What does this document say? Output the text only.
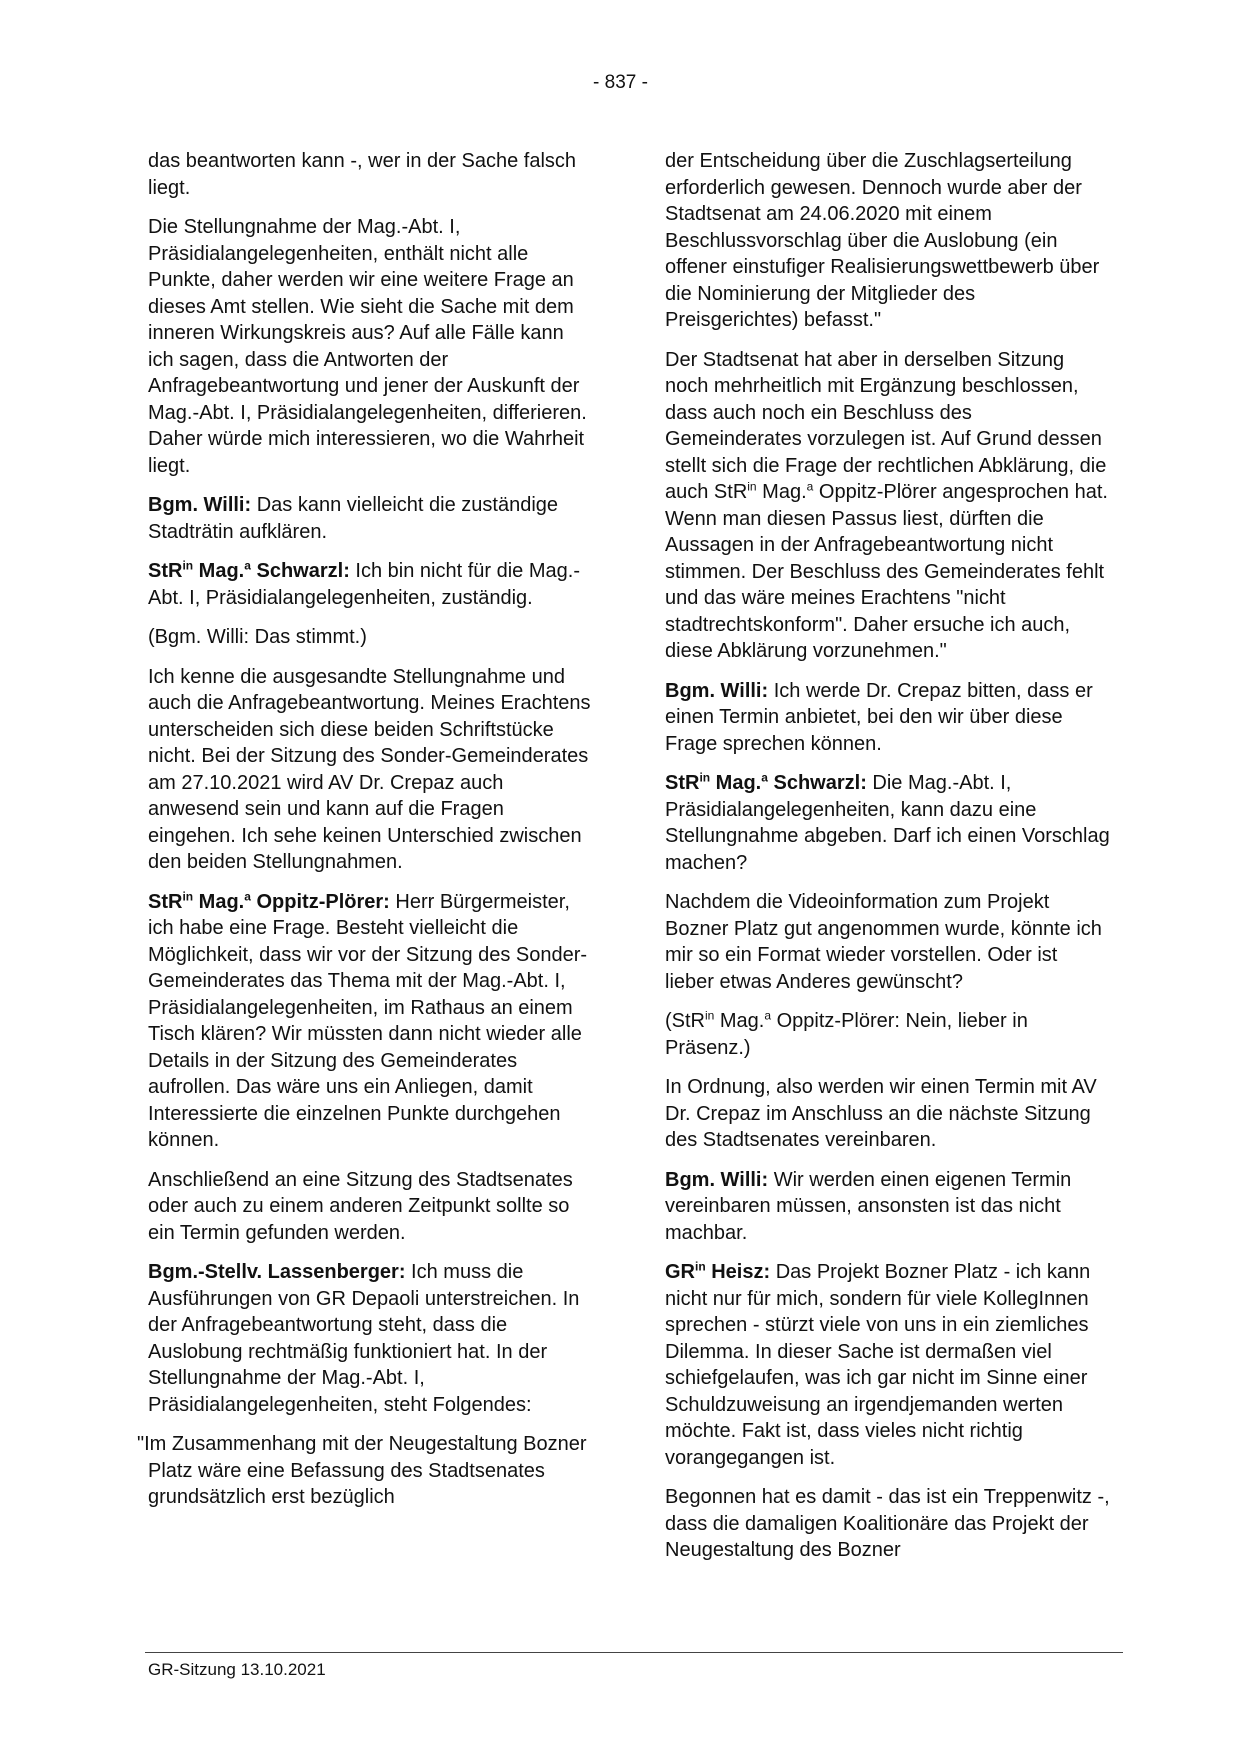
- 837 -

das beantworten kann -, wer in der Sache falsch liegt.

Die Stellungnahme der Mag.-Abt. I, Präsidialangelegenheiten, enthält nicht alle Punkte, daher werden wir eine weitere Frage an dieses Amt stellen. Wie sieht die Sache mit dem inneren Wirkungskreis aus? Auf alle Fälle kann ich sagen, dass die Antworten der Anfragebeantwortung und jener der Auskunft der Mag.-Abt. I, Präsidialangelegenheiten, differieren. Daher würde mich interessieren, wo die Wahrheit liegt.

Bgm. Willi: Das kann vielleicht die zuständige Stadträtin aufklären.

StR$^{in}$ Mag.$^a$ Schwarzl: Ich bin nicht für die Mag.-Abt. I, Präsidialangelegenheiten, zuständig.

(Bgm. Willi: Das stimmt.)

Ich kenne die ausgesandte Stellungnahme und auch die Anfragebeantwortung. Meines Erachtens unterscheiden sich diese beiden Schriftstücke nicht. Bei der Sitzung des Sonder-Gemeinderates am 27.10.2021 wird AV Dr. Crepaz auch anwesend sein und kann auf die Fragen eingehen. Ich sehe keinen Unterschied zwischen den beiden Stellungnahmen.

StR$^{in}$ Mag.$^a$ Oppitz-Plörer: Herr Bürgermeister, ich habe eine Frage. Besteht vielleicht die Möglichkeit, dass wir vor der Sitzung des Sonder-Gemeinderates das Thema mit der Mag.-Abt. I, Präsidialangelegenheiten, im Rathaus an einem Tisch klären? Wir müssten dann nicht wieder alle Details in der Sitzung des Gemeinderates aufrollen. Das wäre uns ein Anliegen, damit Interessierte die einzelnen Punkte durchgehen können.

Anschließend an eine Sitzung des Stadtsenates oder auch zu einem anderen Zeitpunkt sollte so ein Termin gefunden werden.

Bgm.-Stellv. Lassenberger: Ich muss die Ausführungen von GR Depaoli unterstreichen. In der Anfragebeantwortung steht, dass die Auslobung rechtmäßig funktioniert hat. In der Stellungnahme der Mag.-Abt. I, Präsidialangelegenheiten, steht Folgendes:

"Im Zusammenhang mit der Neugestaltung Bozner Platz wäre eine Befassung des Stadtsenates grundsätzlich erst bezüglich

der Entscheidung über die Zuschlagserteilung erforderlich gewesen. Dennoch wurde aber der Stadtsenat am 24.06.2020 mit einem Beschlussvorschlag über die Auslobung (ein offener einstufiger Realisierungswettbewerb über die Nominierung der Mitglieder des Preisgerichtes) befasst."

Der Stadtsenat hat aber in derselben Sitzung noch mehrheitlich mit Ergänzung beschlossen, dass auch noch ein Beschluss des Gemeinderates vorzulegen ist. Auf Grund dessen stellt sich die Frage der rechtlichen Abklärung, die auch StR$^{in}$ Mag.$^a$ Oppitz-Plörer angesprochen hat. Wenn man diesen Passus liest, dürften die Aussagen in der Anfragebeantwortung nicht stimmen. Der Beschluss des Gemeinderates fehlt und das wäre meines Erachtens "nicht stadtrechtskonform". Daher ersuche ich auch, diese Abklärung vorzunehmen."

Bgm. Willi: Ich werde Dr. Crepaz bitten, dass er einen Termin anbietet, bei den wir über diese Frage sprechen können.

StR$^{in}$ Mag.$^a$ Schwarzl: Die Mag.-Abt. I, Präsidialangelegenheiten, kann dazu eine Stellungnahme abgeben. Darf ich einen Vorschlag machen?

Nachdem die Videoinformation zum Projekt Bozner Platz gut angenommen wurde, könnte ich mir so ein Format wieder vorstellen. Oder ist lieber etwas Anderes gewünscht?

(StR$^{in}$ Mag.$^a$ Oppitz-Plörer: Nein, lieber in Präsenz.)

In Ordnung, also werden wir einen Termin mit AV Dr. Crepaz im Anschluss an die nächste Sitzung des Stadtsenates vereinbaren.

Bgm. Willi: Wir werden einen eigenen Termin vereinbaren müssen, ansonsten ist das nicht machbar.

$GR^{in}$ Heisz: Das Projekt Bozner Platz - ich kann nicht nur für mich, sondern für viele KollegInnen sprechen - stürzt viele von uns in ein ziemliches Dilemma. In dieser Sache ist dermaßen viel schiefgelaufen, was ich gar nicht im Sinne einer Schuldzuweisung an irgendjemanden werten möchte. Fakt ist, dass vieles nicht richtig vorangegangen ist.

Begonnen hat es damit - das ist ein Treppenwitz -, dass die damaligen Koalitionäre das Projekt der Neugestaltung des Bozner

GR-Sitzung 13.10.2021
